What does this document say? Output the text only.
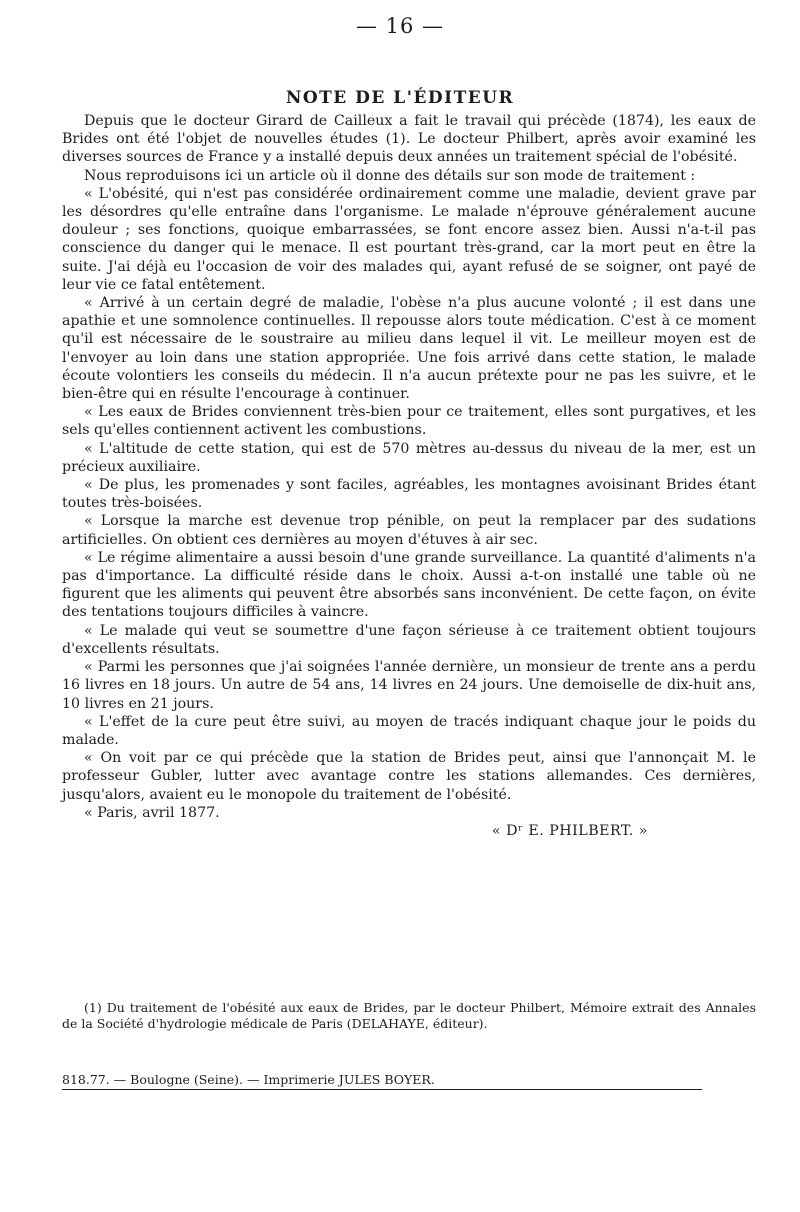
— 16 —
NOTE DE L'ÉDITEUR

Depuis que le docteur Girard de Cailleux a fait le travail qui précède (1874), les eaux de Brides ont été l'objet de nouvelles études (1). Le docteur Philbert, après avoir examiné les diverses sources de France y a installé depuis deux années un traitement spécial de l'obésité.

Nous reproduisons ici un article où il donne des détails sur son mode de traitement :

« L'obésité, qui n'est pas considérée ordinairement comme une maladie, devient grave par les désordres qu'elle entraîne dans l'organisme. Le malade n'éprouve généralement aucune douleur ; ses fonctions, quoique embarrassées, se font encore assez bien. Aussi n'a-t-il pas conscience du danger qui le menace. Il est pourtant très-grand, car la mort peut en être la suite. J'ai déjà eu l'occasion de voir des malades qui, ayant refusé de se soigner, ont payé de leur vie ce fatal entêtement.

« Arrivé à un certain degré de maladie, l'obèse n'a plus aucune volonté ; il est dans une apathie et une somnolence continuelles. Il repousse alors toute médication. C'est à ce moment qu'il est nécessaire de le soustraire au milieu dans lequel il vit. Le meilleur moyen est de l'envoyer au loin dans une station appropriée. Une fois arrivé dans cette station, le malade écoute volontiers les conseils du médecin. Il n'a aucun prétexte pour ne pas les suivre, et le bien-être qui en résulte l'encourage à continuer.

« Les eaux de Brides conviennent très-bien pour ce traitement, elles sont purgatives, et les sels qu'elles contiennent activent les combustions.

« L'altitude de cette station, qui est de 570 mètres au-dessus du niveau de la mer, est un précieux auxiliaire.

« De plus, les promenades y sont faciles, agréables, les montagnes avoisinant Brides étant toutes très-boisées.

« Lorsque la marche est devenue trop pénible, on peut la remplacer par des sudations artificielles. On obtient ces dernières au moyen d'étuves à air sec.

« Le régime alimentaire a aussi besoin d'une grande surveillance. La quantité d'aliments n'a pas d'importance. La difficulté réside dans le choix. Aussi a-t-on installé une table où ne figurent que les aliments qui peuvent être absorbés sans inconvénient. De cette façon, on évite des tentations toujours difficiles à vaincre.

« Le malade qui veut se soumettre d'une façon sérieuse à ce traitement obtient toujours d'excellents résultats.

« Parmi les personnes que j'ai soignées l'année dernière, un monsieur de trente ans a perdu 16 livres en 18 jours. Un autre de 54 ans, 14 livres en 24 jours. Une demoiselle de dix-huit ans, 10 livres en 21 jours.

« L'effet de la cure peut être suivi, au moyen de tracés indiquant chaque jour le poids du malade.

« On voit par ce qui précède que la station de Brides peut, ainsi que l'annonçait M. le professeur Gubler, lutter avec avantage contre les stations allemandes. Ces dernières, jusqu'alors, avaient eu le monopole du traitement de l'obésité.

« Paris, avril 1877.

« Dʳ E. PHILBERT. »

(1) Du traitement de l'obésité aux eaux de Brides, par le docteur Philbert, Mémoire extrait des Annales de la Société d'hydrologie médicale de Paris (DELAHAYE, éditeur).

818.77. — Boulogne (Seine). — Imprimerie JULES BOYER.
